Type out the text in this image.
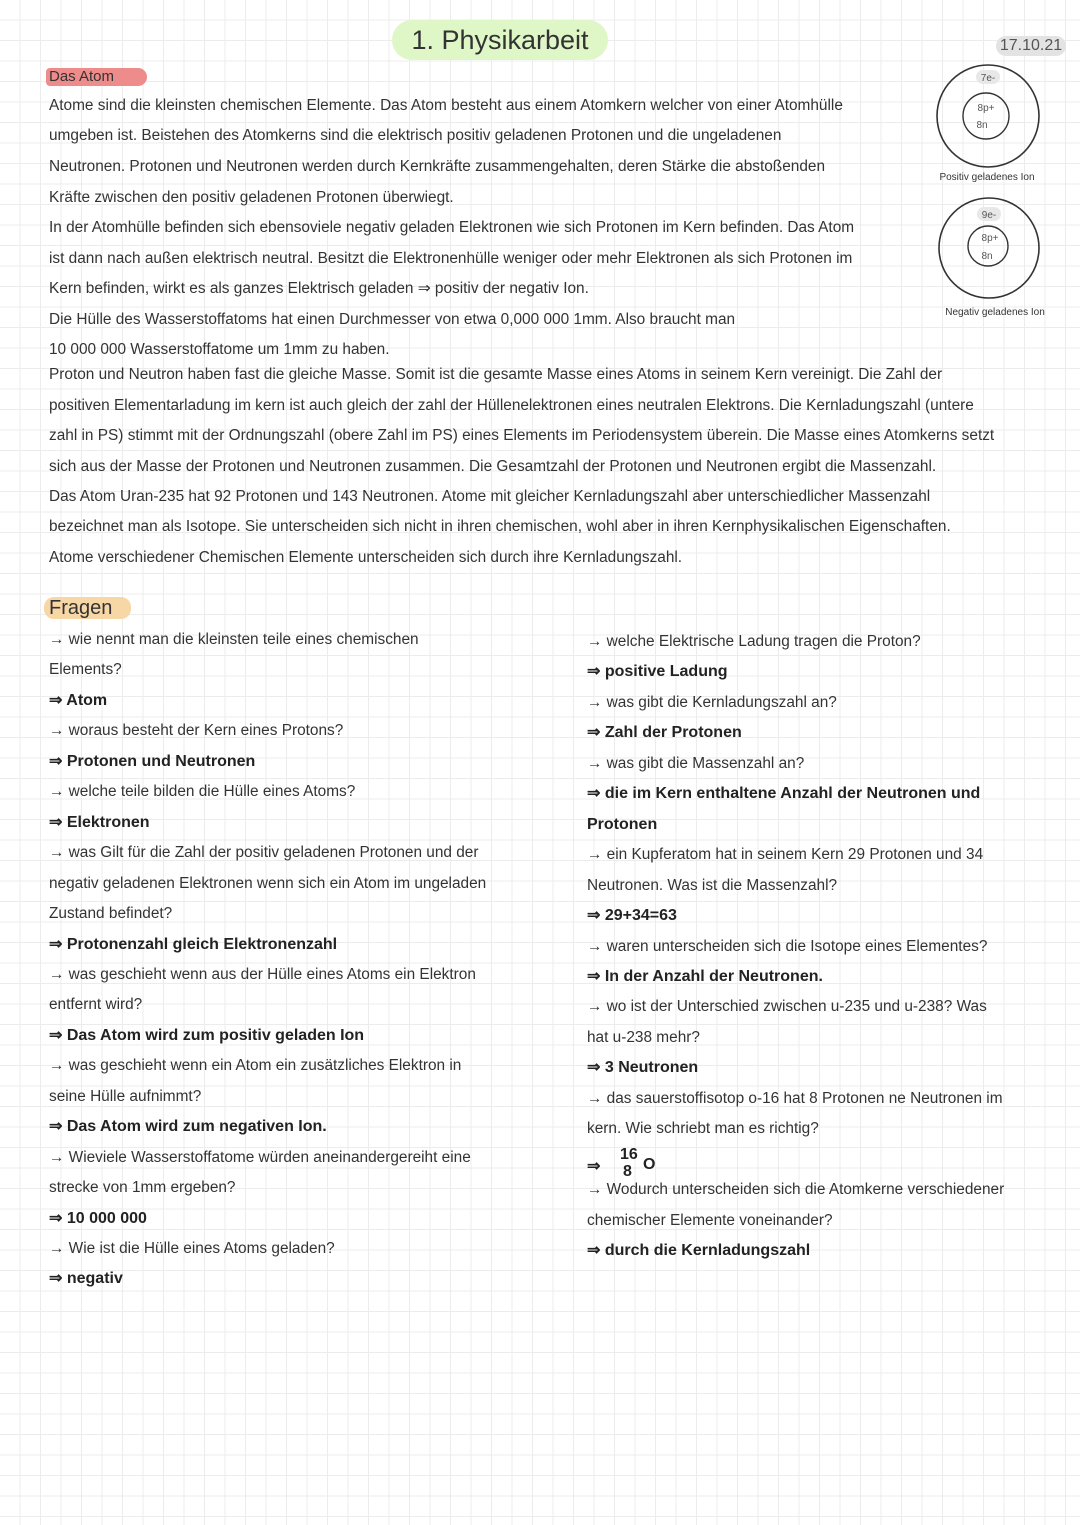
1. Physikarbeit	17.10.21
Das Atom
Atome sind die kleinsten chemischen Elemente. Das Atom besteht aus einem Atomkern welcher von einer Atomhülle
umgeben ist. Beistehen des Atomkerns sind die elektrisch positiv geladenen Protonen und die ungeladenen
Neutronen. Protonen und Neutronen werden durch Kernkräfte zusammengehalten, deren Stärke die abstoßenden
Kräfte zwischen den positiv geladenen Protonen überwiegt.
In der Atomhülle befinden sich ebensoviele negativ geladen Elektronen wie sich Protonen im Kern befinden. Das Atom
ist dann nach außen elektrisch neutral. Besitzt die Elektronenhülle weniger oder mehr Elektronen als sich Protonen im
Kern befinden, wirkt es als ganzes Elektrisch geladen ⇒ positiv der negativ Ion.
Die Hülle des Wasserstoffatoms hat einen Durchmesser von etwa 0,000 000 1mm. Also braucht man
10 000 000 Wasserstoffatome um 1mm zu haben.
Proton und Neutron haben fast die gleiche Masse. Somit ist die gesamte Masse eines Atoms in seinem Kern vereinigt. Die Zahl der
positiven Elementarladung im kern ist auch gleich der zahl der Hüllenelektronen eines neutralen Elektrons. Die Kernladungszahl (untere
zahl in PS) stimmt mit der Ordnungszahl (obere Zahl im PS) eines Elements im Periodensystem überein. Die Masse eines Atomkerns setzt
sich aus der Masse der Protonen und Neutronen zusammen. Die Gesamtzahl der Protonen und Neutronen ergibt die Massenzahl.
Das Atom Uran-235 hat 92 Protonen und 143 Neutronen. Atome mit gleicher Kernladungszahl aber unterschiedlicher Massenzahl
bezeichnet man als Isotope. Sie unterscheiden sich nicht in ihren chemischen, wohl aber in ihren Kernphysikalischen Eigenschaften.
Atome verschiedener Chemischen Elemente unterscheiden sich durch ihre Kernladungszahl.
7e-
8p+
8n
Positiv geladenes Ion
9e-
8p+
8n
Negativ geladenes Ion
Fragen
→ wie nennt man die kleinsten teile eines chemischen
Elements?
⇒ Atom
→ woraus besteht der Kern eines Protons?
⇒ Protonen und Neutronen
→ welche teile bilden die Hülle eines Atoms?
⇒ Elektronen
→ was Gilt für die Zahl der positiv geladenen Protonen und der
negativ geladenen Elektronen wenn sich ein Atom im ungeladen
Zustand befindet?
⇒ Protonenzahl gleich Elektronenzahl
→ was geschieht wenn aus der Hülle eines Atoms ein Elektron
entfernt wird?
⇒ Das Atom wird zum positiv geladen Ion
→ was geschieht wenn ein Atom ein zusätzliches Elektron in
seine Hülle aufnimmt?
⇒ Das Atom wird zum negativen Ion.
→ Wieviele Wasserstoffatome würden aneinandergereiht eine
strecke von 1mm ergeben?
⇒ 10 000 000
→ Wie ist die Hülle eines Atoms geladen?
⇒ negativ
→ welche Elektrische Ladung tragen die Proton?
⇒ positive Ladung
→ was gibt die Kernladungszahl an?
⇒ Zahl der Protonen
→ was gibt die Massenzahl an?
⇒ die im Kern enthaltene Anzahl der Neutronen und
Protonen
→ ein Kupferatom hat in seinem Kern 29 Protonen und 34
Neutronen. Was ist die Massenzahl?
⇒ 29+34=63
→ waren unterscheiden sich die Isotope eines Elementes?
⇒ In der Anzahl der Neutronen.
→ wo ist der Unterschied zwischen u-235 und u-238? Was
hat u-238 mehr?
⇒ 3 Neutronen
→ das sauerstoffisotop o-16 hat 8 Protonen ne Neutronen im
kern. Wie schriebt man es richtig?
⇒
16
8 O
→ Wodurch unterscheiden sich die Atomkerne verschiedener
chemischer Elemente voneinander?
⇒ durch die Kernladungszahl
